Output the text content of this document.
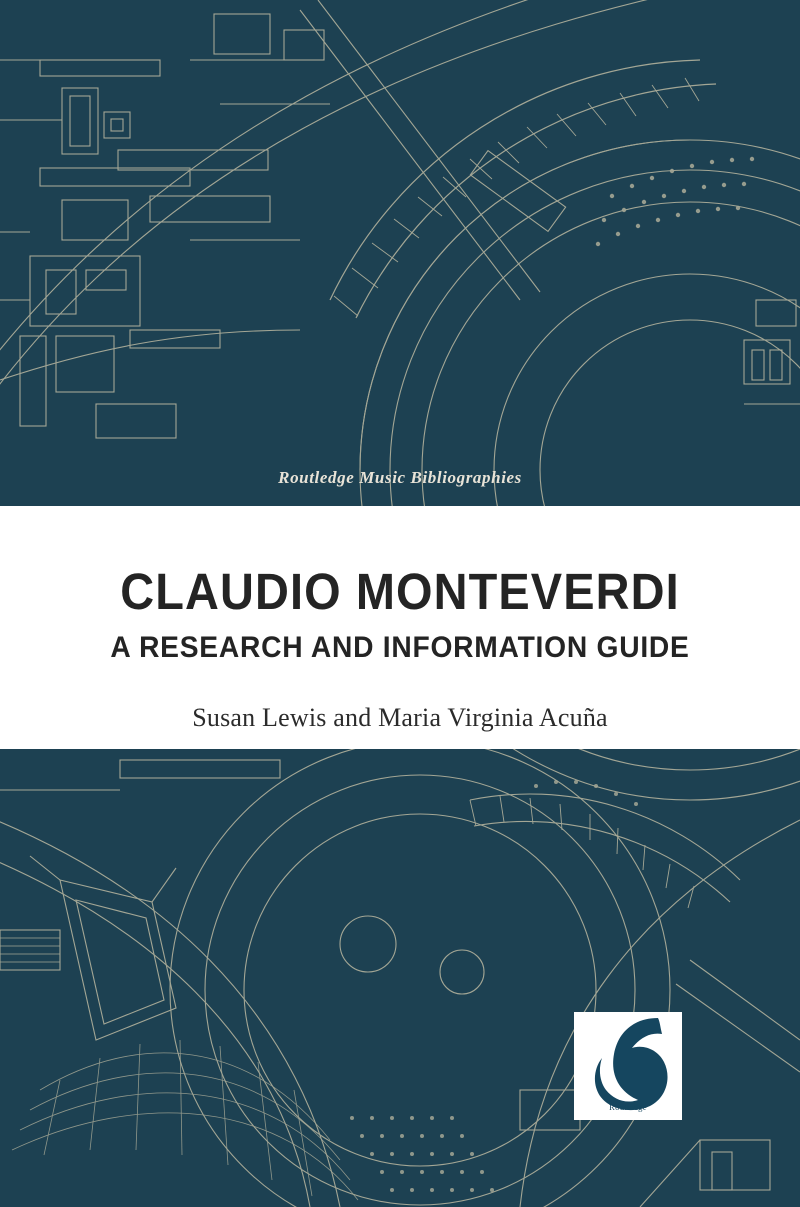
Routledge Music Bibliographies
CLAUDIO MONTEVERDI
A RESEARCH AND INFORMATION GUIDE
Susan Lewis and Maria Virginia Acuña
Routledge
